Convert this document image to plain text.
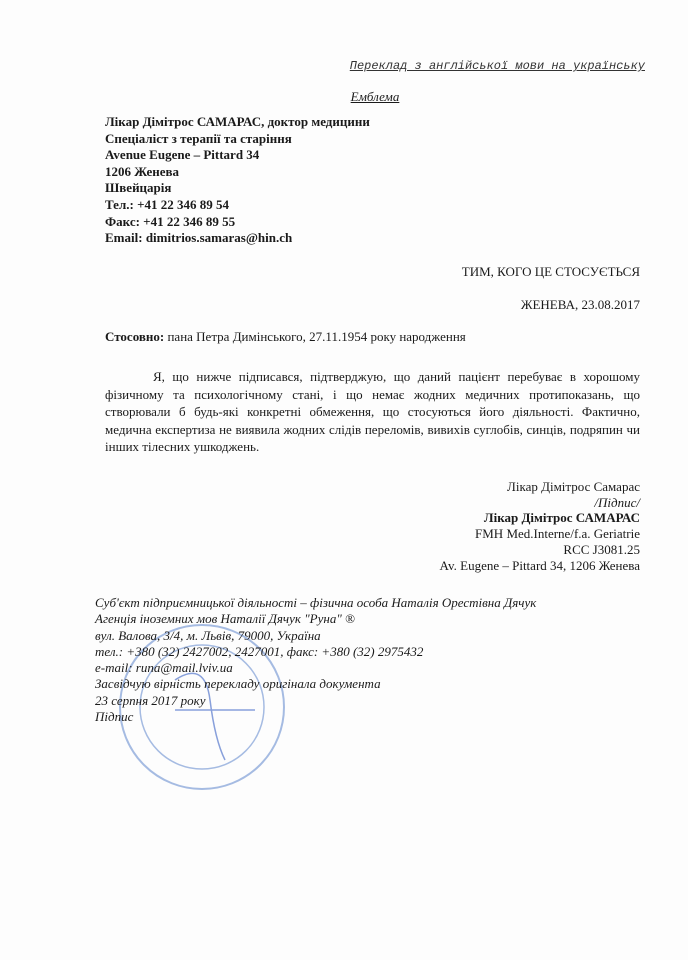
Переклад з англійської мови на українську
Емблема
Лікар Дімітрос САМАРАС, доктор медицини
Спеціаліст з терапії та старіння
Avenue Eugene – Pittard 34
1206 Женева
Швейцарія
Тел.: +41 22 346 89 54
Факс: +41 22 346 89 55
Email: dimitrios.samaras@hin.ch
ТИМ, КОГО ЦЕ СТОСУЄТЬСЯ
ЖЕНЕВА, 23.08.2017
Стосовно: пана Петра Димінського, 27.11.1954 року народження
Я, що нижче підписався, підтверджую, що даний пацієнт перебуває в хорошому фізичному та психологічному стані, і що немає жодних медичних протипоказань, що створювали б будь-які конкретні обмеження, що стосуються його діяльності. Фактично, медична експертиза не виявила жодних слідів переломів, вивихів суглобів, синців, подряпин чи інших тілесних ушкоджень.
Лікар Дімітрос Самарас
/Підпис/
Лікар Дімітрос САМАРАС
FMH Med.Interne/f.a. Geriatrie
RCC J3081.25
Av. Eugene – Pittard 34, 1206 Женева
Суб'єкт підприємницької діяльності – фізична особа Наталія Орестівна Дячук
Агенція іноземних мов Наталії Дячук "Руна" ®
вул. Валова, 3/4, м. Львів, 79000, Україна
тел.: +380 (32) 2427002, 2427001, факс: +380 (32) 2975432
e-mail: runa@mail.lviv.ua
Засвідчую вірність перекладу оригінала документа
23 серпня 2017 року
Підпис
